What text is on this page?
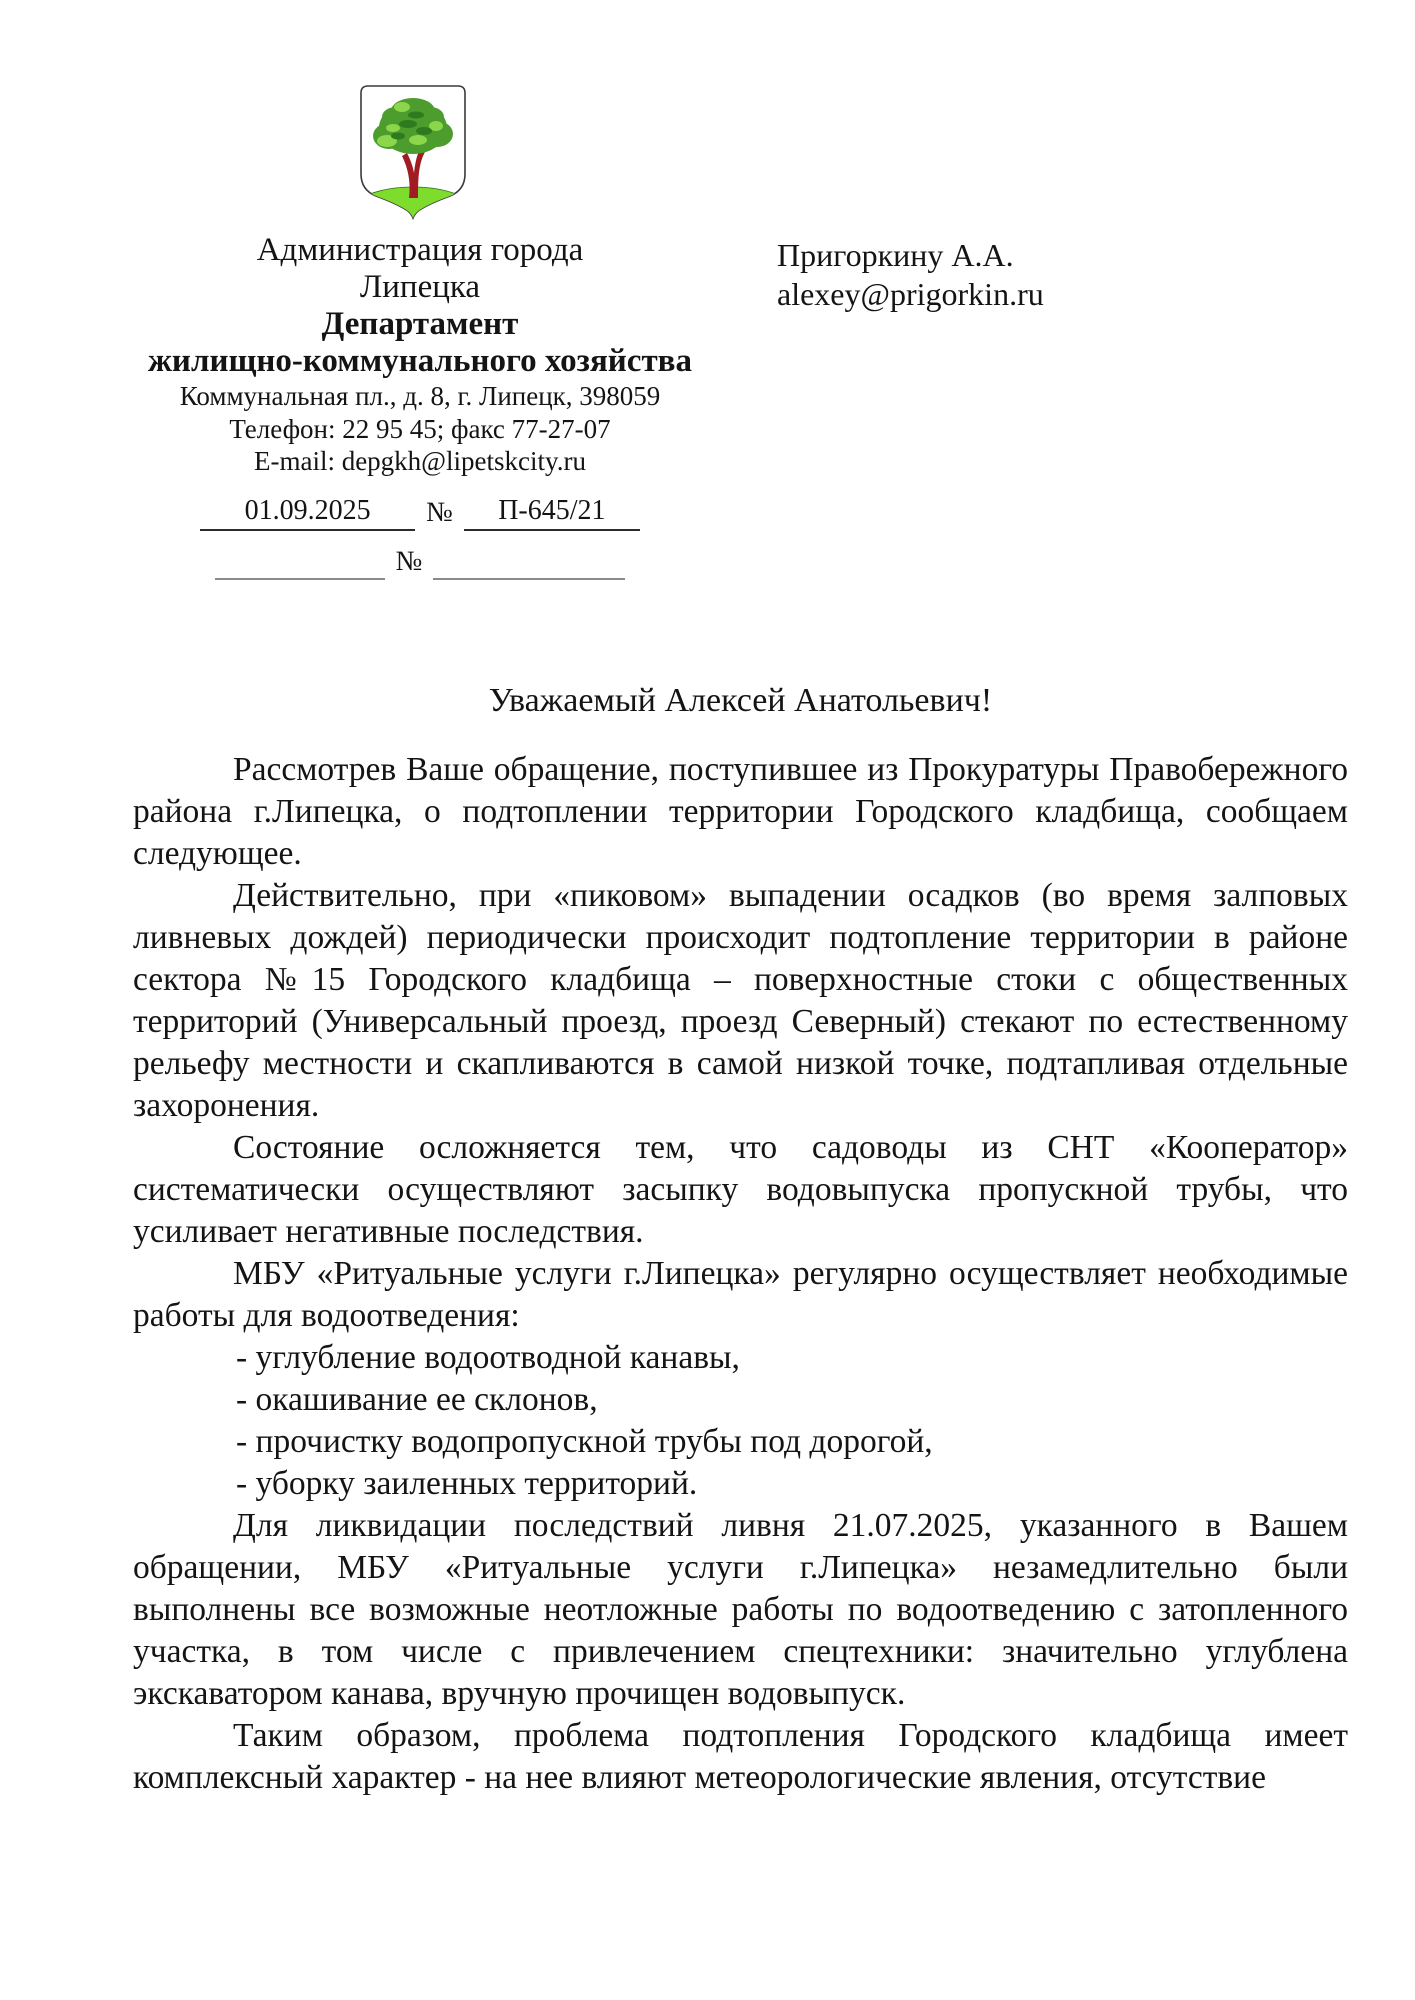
Администрация города
Липецка
Департамент
жилищно-коммунального хозяйства
Коммунальная пл., д. 8, г. Липецк, 398059
Телефон: 22 95 45; факс 77-27-07
E-mail: depgkh@lipetskcity.ru
01.09.2025	№	П-645/21
№
Пригоркину А.А.
alexey@prigorkin.ru
Уважаемый Алексей Анатольевич!

Рассмотрев Ваше обращение, поступившее из Прокуратуры Правобережного района г.Липецка, о подтоплении территории Городского кладбища, сообщаем следующее.

Действительно, при «пиковом» выпадении осадков (во время залповых ливневых дождей) периодически происходит подтопление территории в районе сектора №15 Городского кладбища – поверхностные стоки с общественных территорий (Универсальный проезд, проезд Северный) стекают по естественному рельефу местности и скапливаются в самой низкой точке, подтапливая отдельные захоронения.

Состояние осложняется тем, что садоводы из СНТ «Кооператор» систематически осуществляют засыпку водовыпуска пропускной трубы, что усиливает негативные последствия.

МБУ «Ритуальные услуги г.Липецка» регулярно осуществляет необходимые работы для водоотведения:

- углубление водоотводной канавы,
- окашивание ее склонов,
- прочистку водопропускной трубы под дорогой,
- уборку заиленных территорий.

Для ликвидации последствий ливня 21.07.2025, указанного в Вашем обращении, МБУ «Ритуальные услуги г.Липецка» незамедлительно были выполнены все возможные неотложные работы по водоотведению с затопленного участка, в том числе с привлечением спецтехники: значительно углублена экскаватором канава, вручную прочищен водовыпуск.

Таким образом, проблема подтопления Городского кладбища имеет комплексный характер - на нее влияют метеорологические явления, отсутствие
